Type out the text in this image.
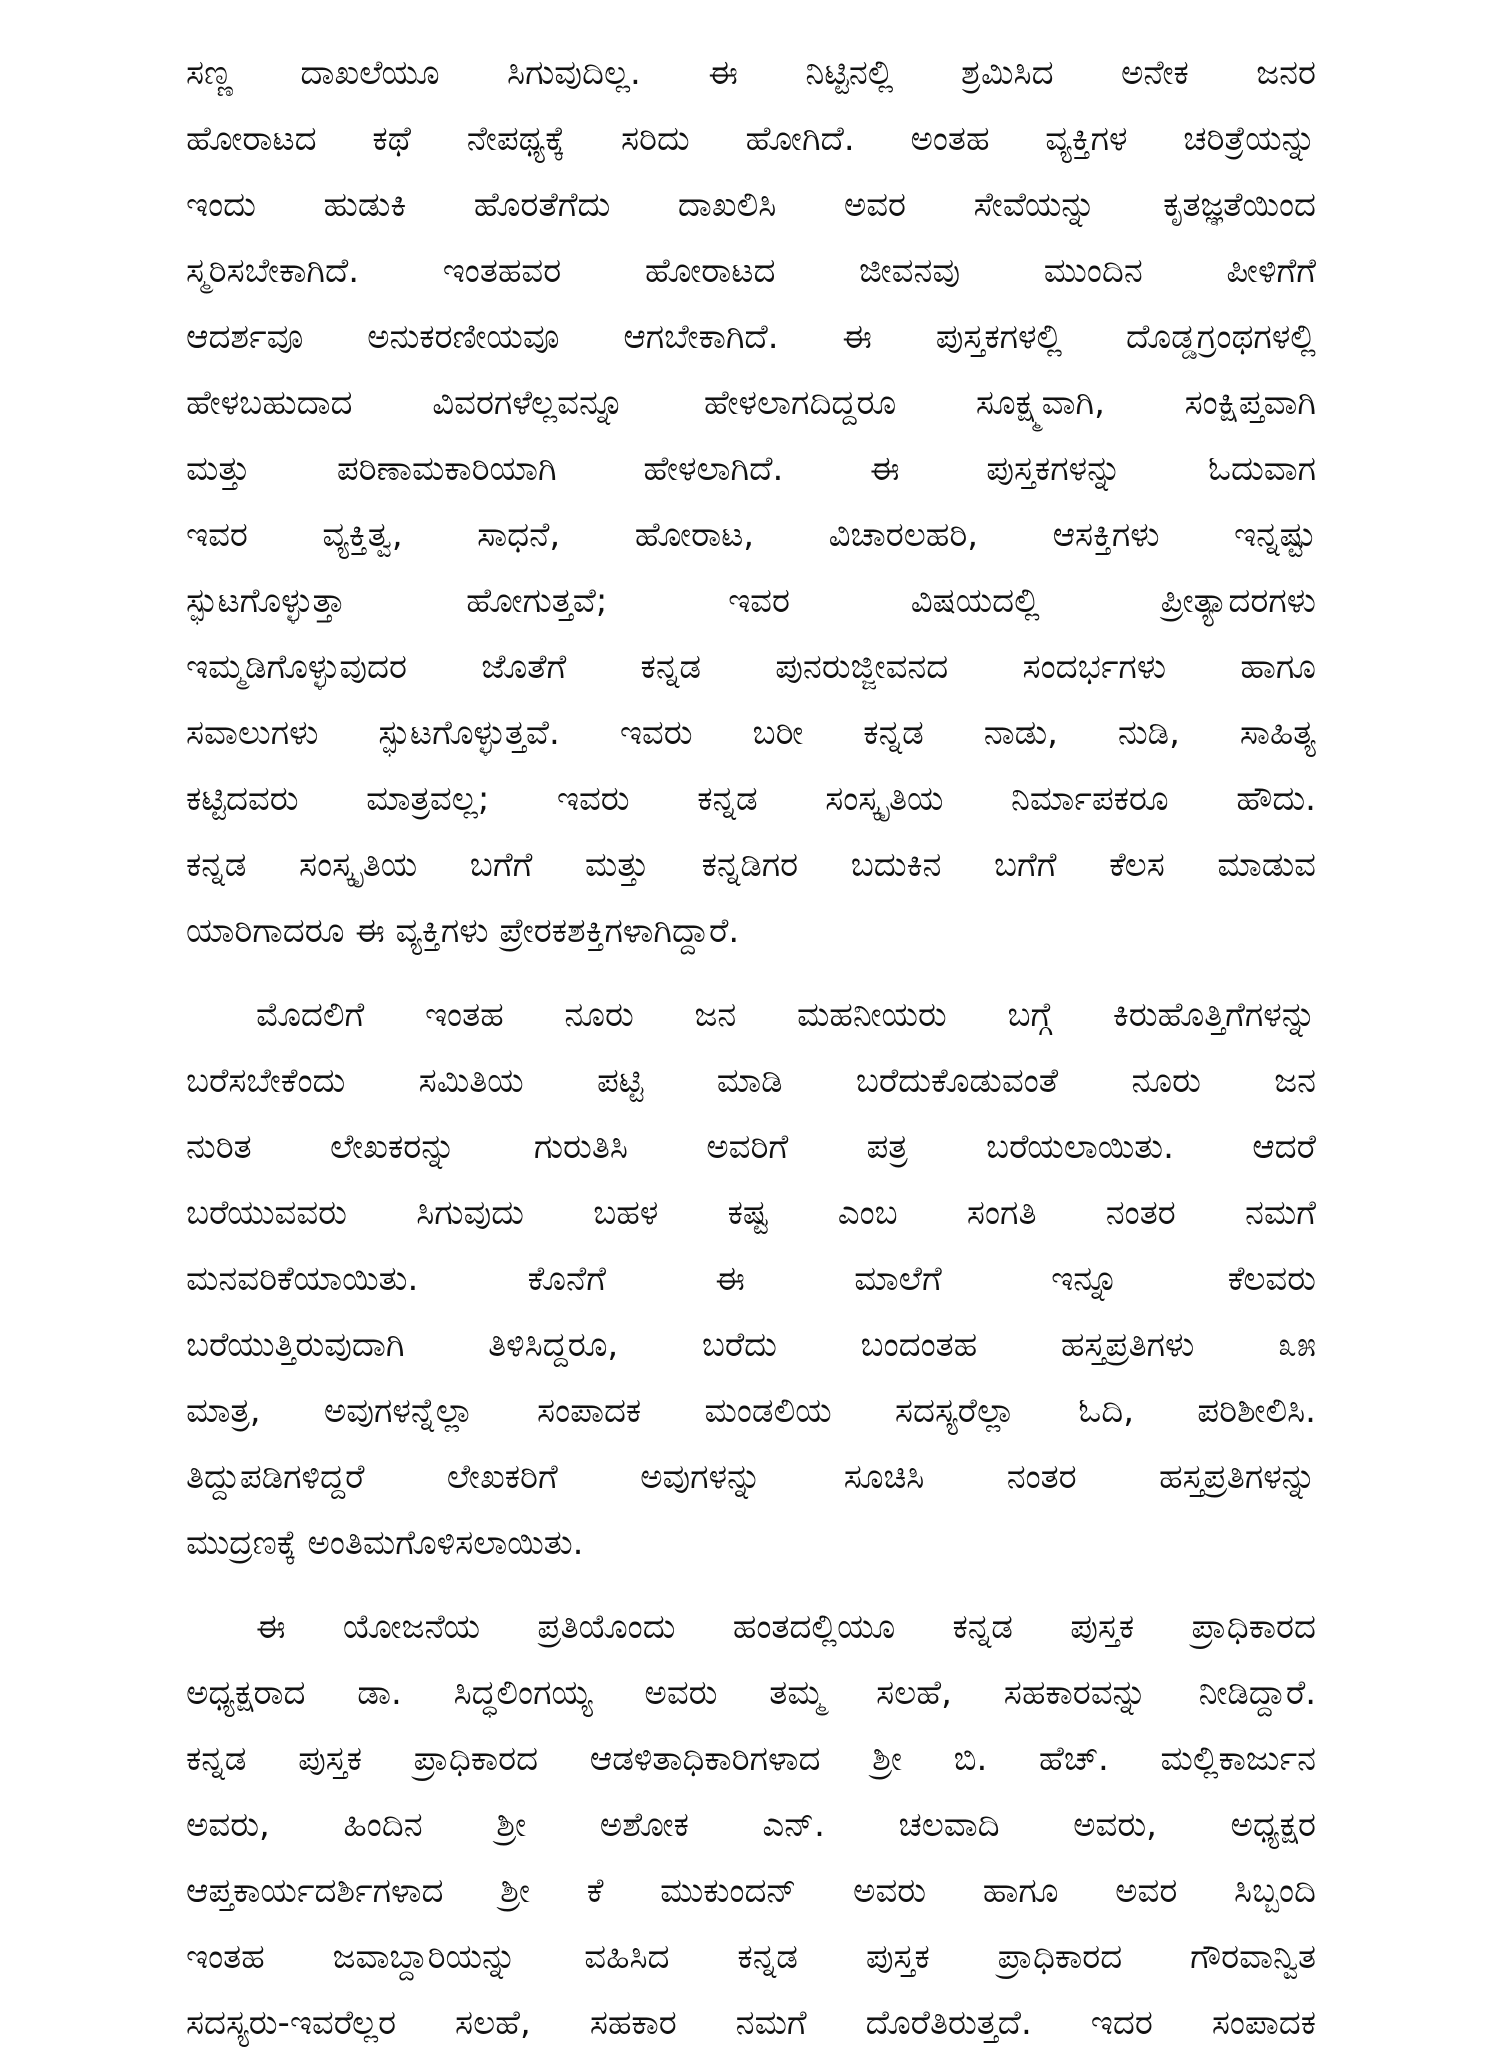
ಸಣ್ಣ ದಾಖಲೆಯೂ ಸಿಗುವುದಿಲ್ಲ. ಈ ನಿಟ್ಟಿನಲ್ಲಿ ಶ್ರಮಿಸಿದ ಅನೇಕ ಜನರ
ಹೋರಾಟದ ಕಥೆ ನೇಪಥ್ಯಕ್ಕೆ ಸರಿದು ಹೋಗಿದೆ. ಅಂತಹ ವ್ಯಕ್ತಿಗಳ ಚರಿತ್ರೆಯನ್ನು
ಇಂದು ಹುಡುಕಿ ಹೊರತೆಗೆದು ದಾಖಲಿಸಿ ಅವರ ಸೇವೆಯನ್ನು ಕೃತಜ್ಞತೆಯಿಂದ
ಸ್ಮರಿಸಬೇಕಾಗಿದೆ. ಇಂತಹವರ ಹೋರಾಟದ ಜೀವನವು ಮುಂದಿನ ಪೀಳಿಗೆಗೆ
ಆದರ್ಶವೂ ಅನುಕರಣೀಯವೂ ಆಗಬೇಕಾಗಿದೆ. ಈ ಪುಸ್ತಕಗಳಲ್ಲಿ ದೊಡ್ಡಗ್ರಂಥಗಳಲ್ಲಿ
ಹೇಳಬಹುದಾದ ವಿವರಗಳೆಲ್ಲವನ್ನೂ ಹೇಳಲಾಗದಿದ್ದರೂ ಸೂಕ್ಷ್ಮವಾಗಿ, ಸಂಕ್ಷಿಪ್ತವಾಗಿ
ಮತ್ತು ಪರಿಣಾಮಕಾರಿಯಾಗಿ ಹೇಳಲಾಗಿದೆ. ಈ ಪುಸ್ತಕಗಳನ್ನು ಓದುವಾಗ
ಇವರ ವ್ಯಕ್ತಿತ್ವ, ಸಾಧನೆ, ಹೋರಾಟ, ವಿಚಾರಲಹರಿ, ಆಸಕ್ತಿಗಳು ಇನ್ನಷ್ಟು
ಸ್ಫುಟಗೊಳ್ಳುತ್ತಾ ಹೋಗುತ್ತವೆ; ಇವರ ವಿಷಯದಲ್ಲಿ ಪ್ರೀತ್ಯಾದರಗಳು
ಇಮ್ಮಡಿಗೊಳ್ಳುವುದರ ಜೊತೆಗೆ ಕನ್ನಡ ಪುನರುಜ್ಜೀವನದ ಸಂದರ್ಭಗಳು ಹಾಗೂ
ಸವಾಲುಗಳು ಸ್ಫುಟಗೊಳ್ಳುತ್ತವೆ. ಇವರು ಬರೀ ಕನ್ನಡ ನಾಡು, ನುಡಿ, ಸಾಹಿತ್ಯ
ಕಟ್ಟಿದವರು ಮಾತ್ರವಲ್ಲ; ಇವರು ಕನ್ನಡ ಸಂಸ್ಕೃತಿಯ ನಿರ್ಮಾಪಕರೂ ಹೌದು.
ಕನ್ನಡ ಸಂಸ್ಕೃತಿಯ ಬಗೆಗೆ ಮತ್ತು ಕನ್ನಡಿಗರ ಬದುಕಿನ ಬಗೆಗೆ ಕೆಲಸ ಮಾಡುವ
ಯಾರಿಗಾದರೂ ಈ ವ್ಯಕ್ತಿಗಳು ಪ್ರೇರಕಶಕ್ತಿಗಳಾಗಿದ್ದಾರೆ.
ಮೊದಲಿಗೆ ಇಂತಹ ನೂರು ಜನ ಮಹನೀಯರು ಬಗ್ಗೆ ಕಿರುಹೊತ್ತಿಗೆಗಳನ್ನು
ಬರೆಸಬೇಕೆಂದು ಸಮಿತಿಯ ಪಟ್ಟಿ ಮಾಡಿ ಬರೆದುಕೊಡುವಂತೆ ನೂರು ಜನ
ನುರಿತ ಲೇಖಕರನ್ನು ಗುರುತಿಸಿ ಅವರಿಗೆ ಪತ್ರ ಬರೆಯಲಾಯಿತು. ಆದರೆ
ಬರೆಯುವವರು ಸಿಗುವುದು ಬಹಳ ಕಷ್ಟ ಎಂಬ ಸಂಗತಿ ನಂತರ ನಮಗೆ
ಮನವರಿಕೆಯಾಯಿತು. ಕೊನೆಗೆ ಈ ಮಾಲೆಗೆ ಇನ್ನೂ ಕೆಲವರು
ಬರೆಯುತ್ತಿರುವುದಾಗಿ ತಿಳಿಸಿದ್ದರೂ, ಬರೆದು ಬಂದಂತಹ ಹಸ್ತಪ್ರತಿಗಳು ೩೫
ಮಾತ್ರ, ಅವುಗಳನ್ನೆಲ್ಲಾ ಸಂಪಾದಕ ಮಂಡಲಿಯ ಸದಸ್ಯರೆಲ್ಲಾ ಓದಿ, ಪರಿಶೀಲಿಸಿ.
ತಿದ್ದುಪಡಿಗಳಿದ್ದರೆ ಲೇಖಕರಿಗೆ ಅವುಗಳನ್ನು ಸೂಚಿಸಿ ನಂತರ ಹಸ್ತಪ್ರತಿಗಳನ್ನು
ಮುದ್ರಣಕ್ಕೆ ಅಂತಿಮಗೊಳಿಸಲಾಯಿತು.
ಈ ಯೋಜನೆಯ ಪ್ರತಿಯೊಂದು ಹಂತದಲ್ಲಿಯೂ ಕನ್ನಡ ಪುಸ್ತಕ ಪ್ರಾಧಿಕಾರದ
ಅಧ್ಯಕ್ಷರಾದ ಡಾ. ಸಿದ್ಧಲಿಂಗಯ್ಯ ಅವರು ತಮ್ಮ ಸಲಹೆ, ಸಹಕಾರವನ್ನು ನೀಡಿದ್ದಾರೆ.
ಕನ್ನಡ ಪುಸ್ತಕ ಪ್ರಾಧಿಕಾರದ ಆಡಳಿತಾಧಿಕಾರಿಗಳಾದ ಶ್ರೀ ಬಿ. ಹೆಚ್. ಮಲ್ಲಿಕಾರ್ಜುನ
ಅವರು, ಹಿಂದಿನ ಶ್ರೀ ಅಶೋಕ ಎನ್. ಚಲವಾದಿ ಅವರು, ಅಧ್ಯಕ್ಷರ
ಆಪ್ತಕಾರ್ಯದರ್ಶಿಗಳಾದ ಶ್ರೀ ಕೆ ಮುಕುಂದನ್ ಅವರು ಹಾಗೂ ಅವರ ಸಿಬ್ಬಂದಿ
ಇಂತಹ ಜವಾಬ್ದಾರಿಯನ್ನು ವಹಿಸಿದ ಕನ್ನಡ ಪುಸ್ತಕ ಪ್ರಾಧಿಕಾರದ ಗೌರವಾನ್ವಿತ
ಸದಸ್ಯರು-ಇವರೆಲ್ಲರ ಸಲಹೆ, ಸಹಕಾರ ನಮಗೆ ದೊರೆತಿರುತ್ತದೆ. ಇದರ ಸಂಪಾದಕ
